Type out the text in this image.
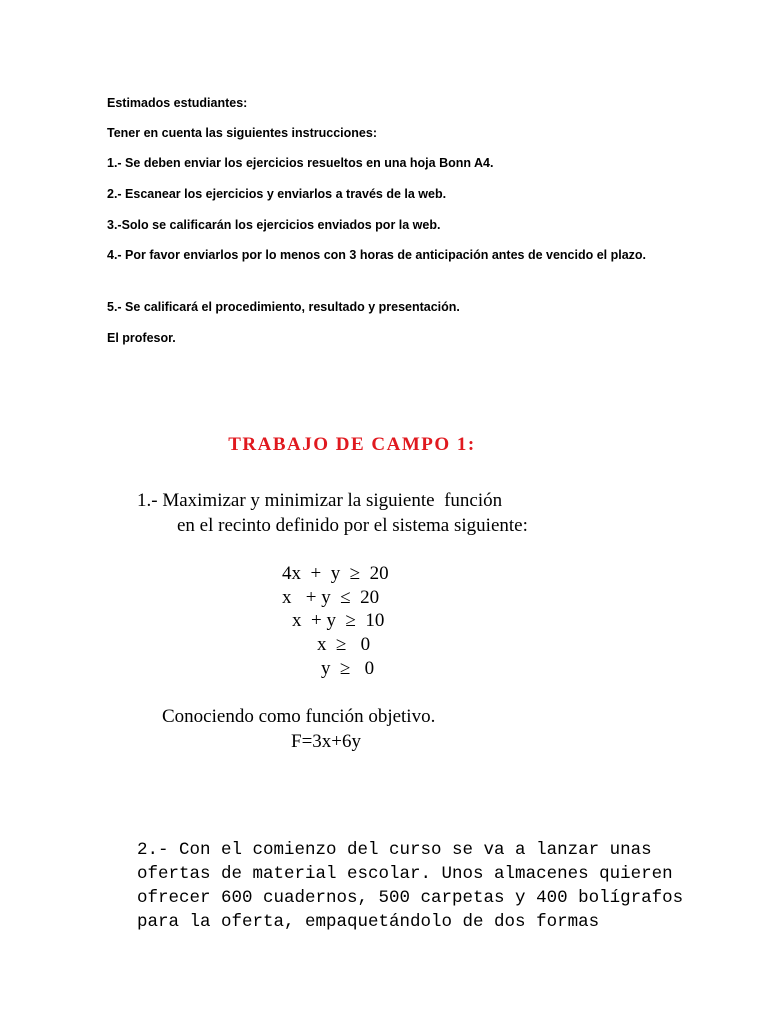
Estimados estudiantes:

Tener en cuenta las siguientes instrucciones:

1.- Se deben enviar los ejercicios resueltos en una hoja Bonn A4.

2.- Escanear los ejercicios y enviarlos a través de la web.

3.-Solo se calificarán los ejercicios enviados por la web.

4.- Por favor enviarlos por lo menos con 3 horas de anticipación antes de vencido el plazo.

5.- Se calificará el procedimiento, resultado y presentación.

El profesor.

TRABAJO DE CAMPO 1:

1.- Maximizar y minimizar la siguiente  función

en el recinto definido por el sistema siguiente:

4x  +  y  ≥  20

x   + y  ≤  20

x  + y  ≥  10

x  ≥   0

y  ≥   0

Conociendo como función objetivo.

F=3x+6y

2.- Con el comienzo del curso se va a lanzar unas

ofertas de material escolar. Unos almacenes quieren

ofrecer 600 cuadernos, 500 carpetas y 400 bolígrafos

para la oferta, empaquetándolo de dos formas
